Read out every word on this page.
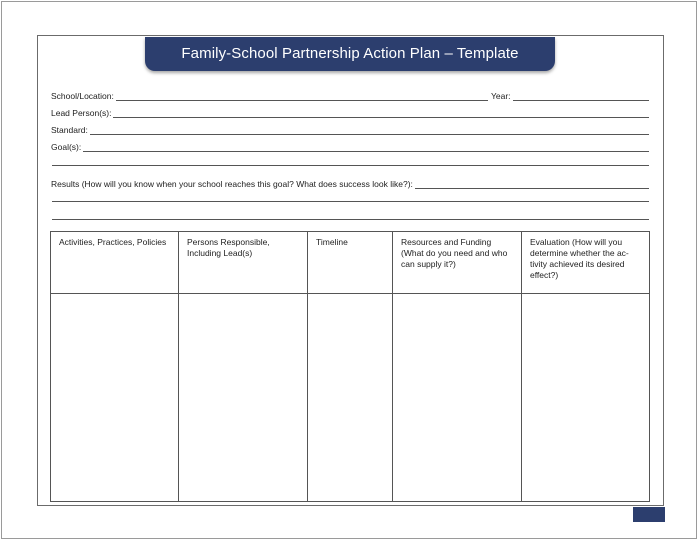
Family-School Partnership Action Plan – Template
School/Location:	Year:
Lead Person(s):
Standard:
Goal(s):
Results (How will you know when your school reaches this goal? What does success look like?):
Activities, Practices, Policies	Persons Responsible, Including Lead(s)	Timeline	Resources and Funding (What do you need and who can supply it?)	Evaluation (How will you determine whether the ac- tivity achieved its desired effect?)
